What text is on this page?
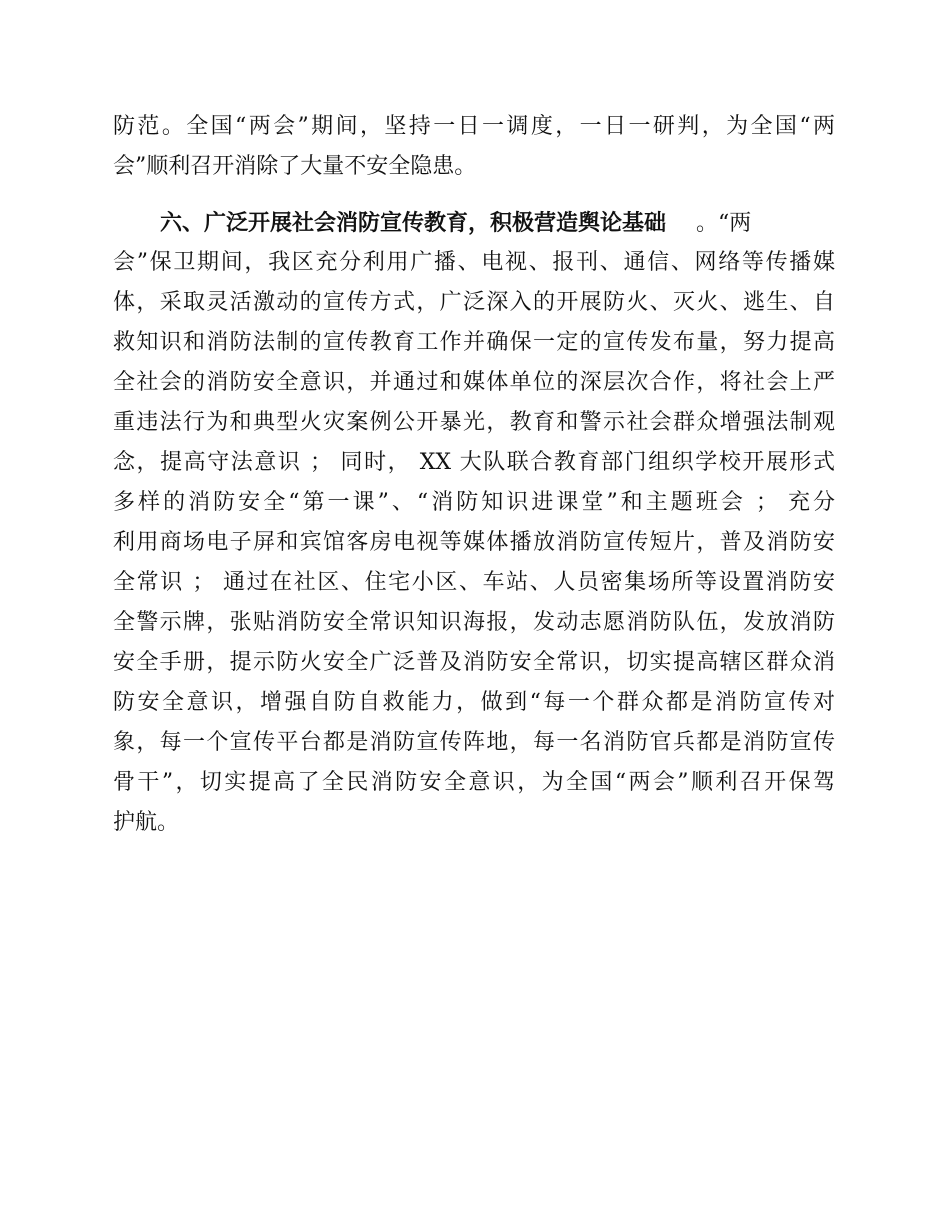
防范。全国“两会”期间，坚持一日一调度，一日一研判，为全国“两
会”顺利召开消除了大量不安全隐患。
六、广泛开展社会消防宣传教育，积极营造舆论基础 。“两
会”保卫期间，我区充分利用广播、电视、报刊、通信、网络等传播媒
体，采取灵活激动的宣传方式，广泛深入的开展防火、灭火、逃生、自
救知识和消防法制的宣传教育工作并确保一定的宣传发布量，努力提高
全社会的消防安全意识，并通过和媒体单位的深层次合作，将社会上严
重违法行为和典型火灾案例公开暴光，教育和警示社会群众增强法制观
念，提高守法意识 ； 同时， XX 大队联合教育部门组织学校开展形式
多样的消防安全“第一课”、“消防知识进课堂”和主题班会 ； 充分
利用商场电子屏和宾馆客房电视等媒体播放消防宣传短片，普及消防安
全常识 ； 通过在社区、住宅小区、车站、人员密集场所等设置消防安
全警示牌，张贴消防安全常识知识海报，发动志愿消防队伍，发放消防
安全手册，提示防火安全广泛普及消防安全常识，切实提高辖区群众消
防安全意识，增强自防自救能力，做到“每一个群众都是消防宣传对
象，每一个宣传平台都是消防宣传阵地，每一名消防官兵都是消防宣传
骨干”，切实提高了全民消防安全意识，为全国“两会”顺利召开保驾
护航。
